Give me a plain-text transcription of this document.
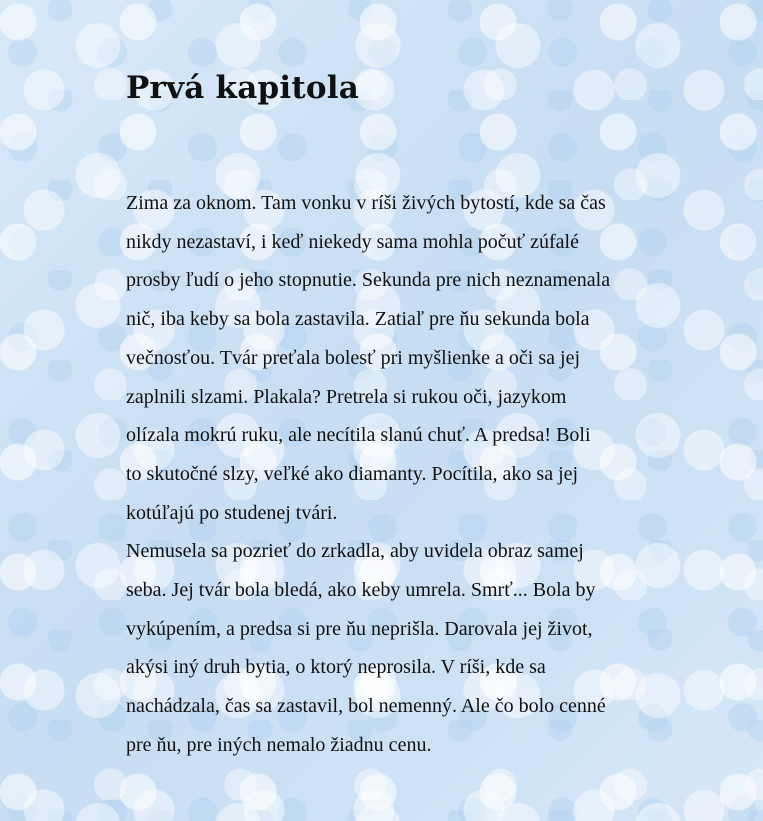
Prvá kapitola

Zima za oknom. Tam vonku v ríši živých bytostí, kde sa čas
nikdy nezastaví, i keď niekedy sama mohla počuť zúfalé
prosby ľudí o jeho stopnutie. Sekunda pre nich neznamenala
nič, iba keby sa bola zastavila. Zatiaľ pre ňu sekunda bola
večnosťou. Tvár preťala bolesť pri myšlienke a oči sa jej
zaplnili slzami. Plakala? Pretrela si rukou oči, jazykom
olízala mokrú ruku, ale necítila slanú chuť. A predsa! Boli
to skutočné slzy, veľké ako diamanty. Pocítila, ako sa jej
kotúľajú po studenej tvári.

Nemusela sa pozrieť do zrkadla, aby uvidela obraz samej
seba. Jej tvár bola bledá, ako keby umrela. Smrť... Bola by
vykúpením, a predsa si pre ňu neprišla. Darovala jej život,
akýsi iný druh bytia, o ktorý neprosila. V ríši, kde sa
nachádzala, čas sa zastavil, bol nemenný. Ale čo bolo cenné
pre ňu, pre iných nemalo žiadnu cenu.
